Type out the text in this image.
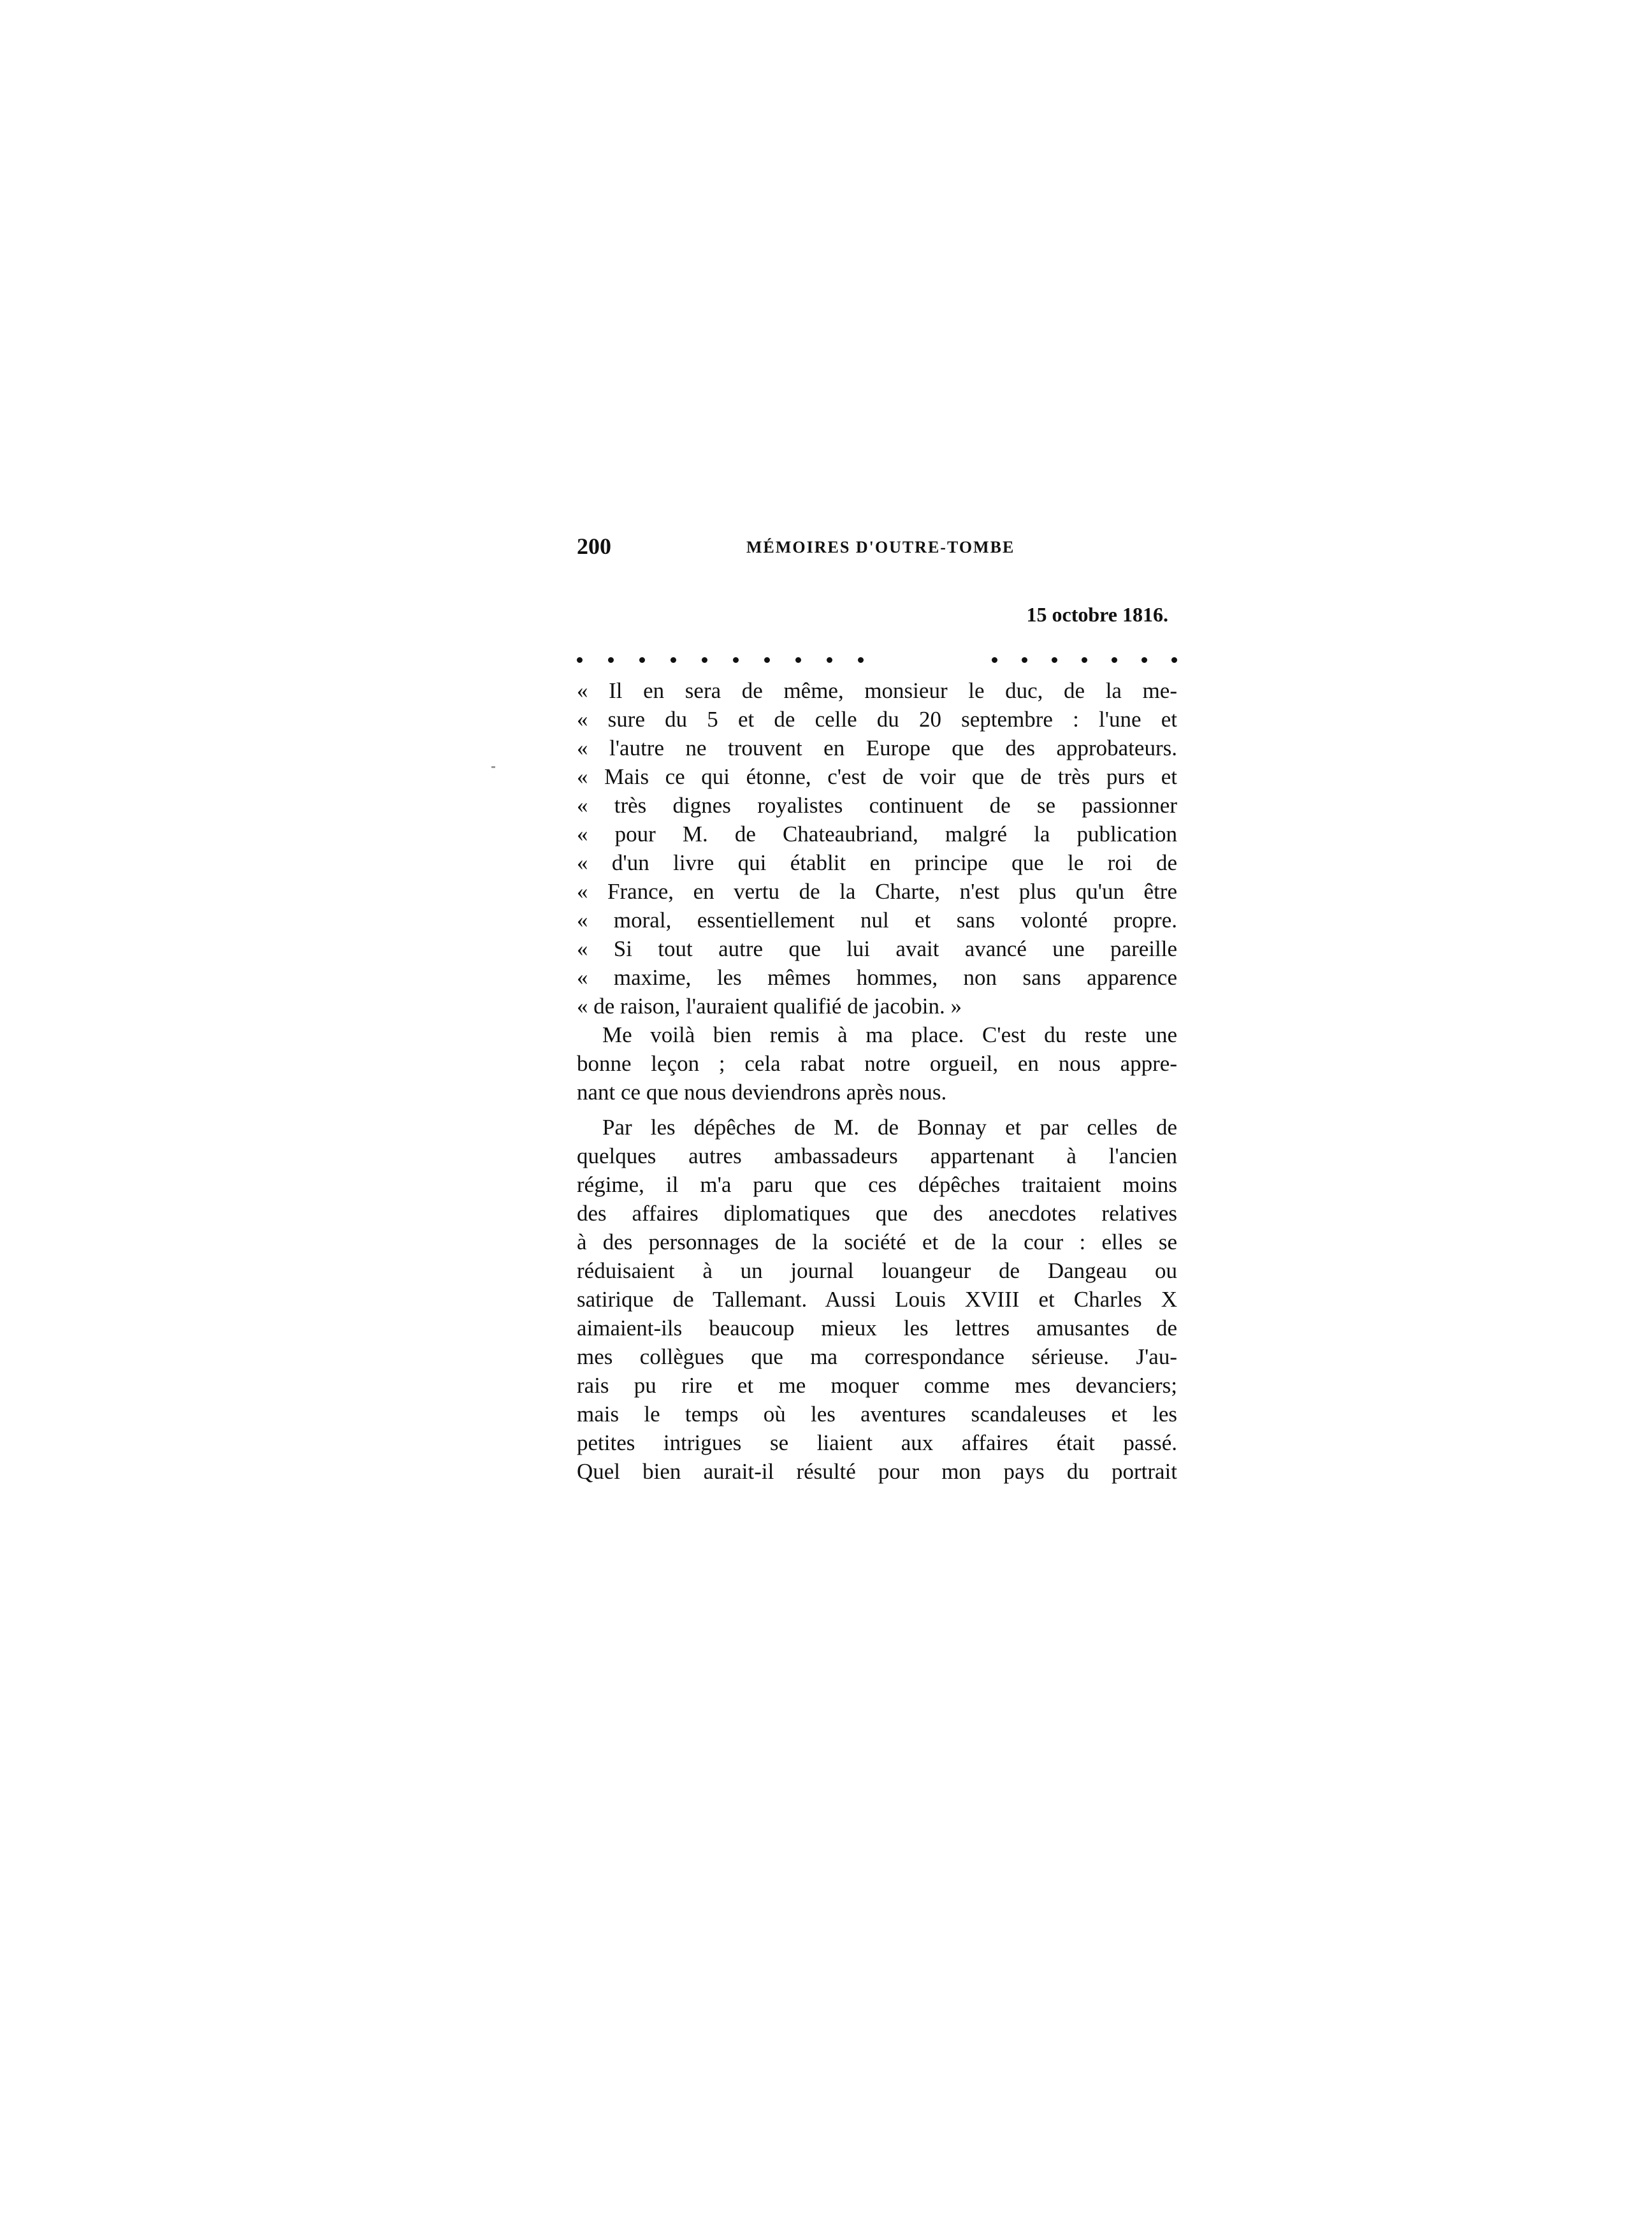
200	MÉMOIRES D'OUTRE-TOMBE
15 octobre 1816.
« Il en sera de même, monsieur le duc, de la me-
« sure du 5 et de celle du 20 septembre : l'une et
« l'autre ne trouvent en Europe que des approbateurs.
« Mais ce qui étonne, c'est de voir que de très purs et
« très dignes royalistes continuent de se passionner
« pour M. de Chateaubriand, malgré la publication
« d'un livre qui établit en principe que le roi de
« France, en vertu de la Charte, n'est plus qu'un être
« moral, essentiellement nul et sans volonté propre.
« Si tout autre que lui avait avancé une pareille
« maxime, les mêmes hommes, non sans apparence
« de raison, l'auraient qualifié de jacobin. »
Me voilà bien remis à ma place. C'est du reste une
bonne leçon ; cela rabat notre orgueil, en nous appre-
nant ce que nous deviendrons après nous.
Par les dépêches de M. de Bonnay et par celles de
quelques autres ambassadeurs appartenant à l'ancien
régime, il m'a paru que ces dépêches traitaient moins
des affaires diplomatiques que des anecdotes relatives
à des personnages de la société et de la cour : elles se
réduisaient à un journal louangeur de Dangeau ou
satirique de Tallemant. Aussi Louis XVIII et Charles X
aimaient-ils beaucoup mieux les lettres amusantes de
mes collègues que ma correspondance sérieuse. J'au-
rais pu rire et me moquer comme mes devanciers;
mais le temps où les aventures scandaleuses et les
petites intrigues se liaient aux affaires était passé.
Quel bien aurait-il résulté pour mon pays du portrait
